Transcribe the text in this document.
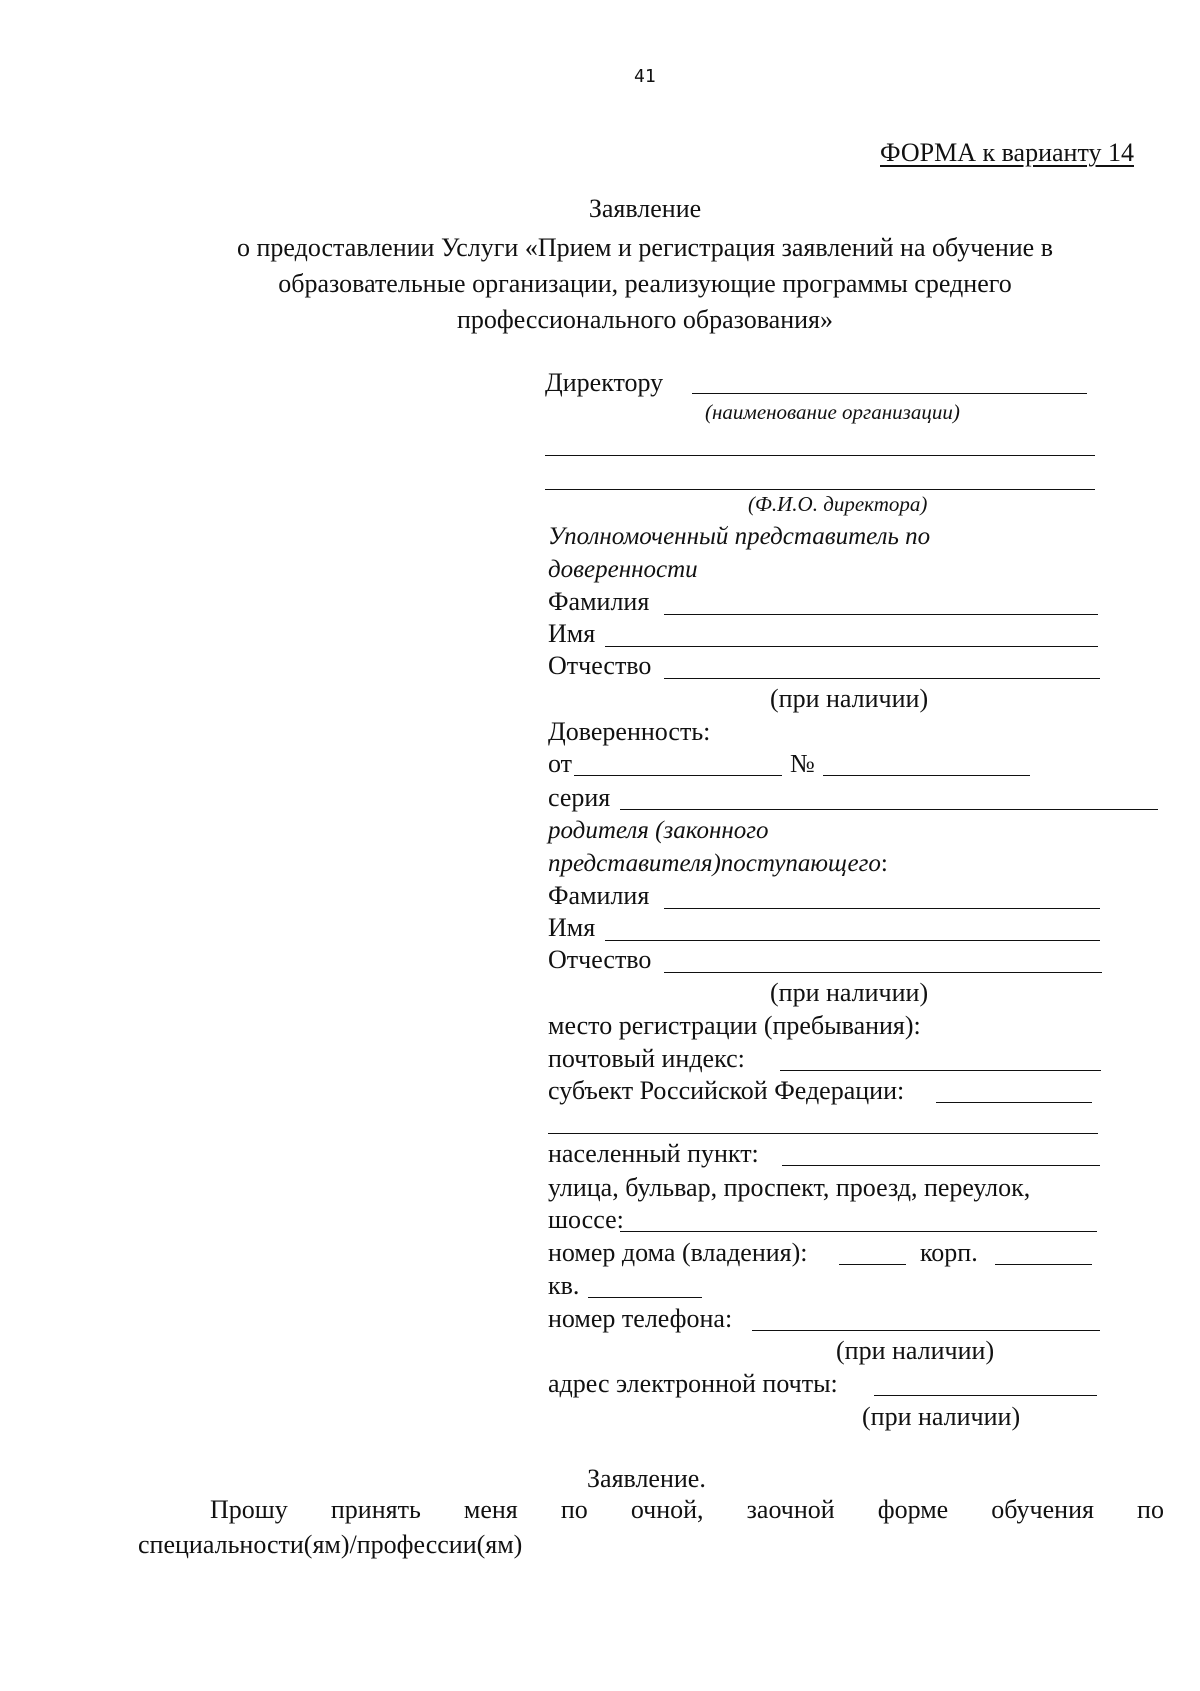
41
ФОРМА к варианту 14
Заявление
о предоставлении Услуги «Прием и регистрация заявлений на обучение в
образовательные организации, реализующие программы среднего
профессионального образования»
Директору
(наименование организации)
(Ф.И.О. директора)
Уполномоченный представитель по
доверенности
Фамилия
Имя
Отчество
(при наличии)
Доверенность:
от	№
серия
родителя (законного
представителя)поступающего:
Фамилия
Имя
Отчество
(при наличии)
место регистрации (пребывания):
почтовый индекс:
субъект Российской Федерации:
населенный пункт:
улица, бульвар, проспект, проезд, переулок,
шоссе:
номер дома (владения):	корп.
кв.
номер телефона:
(при наличии)
адрес электронной почты:
(при наличии)
Заявление.
Прошу принять меня по очной, заочной форме обучения по
специальности(ям)/профессии(ям)
